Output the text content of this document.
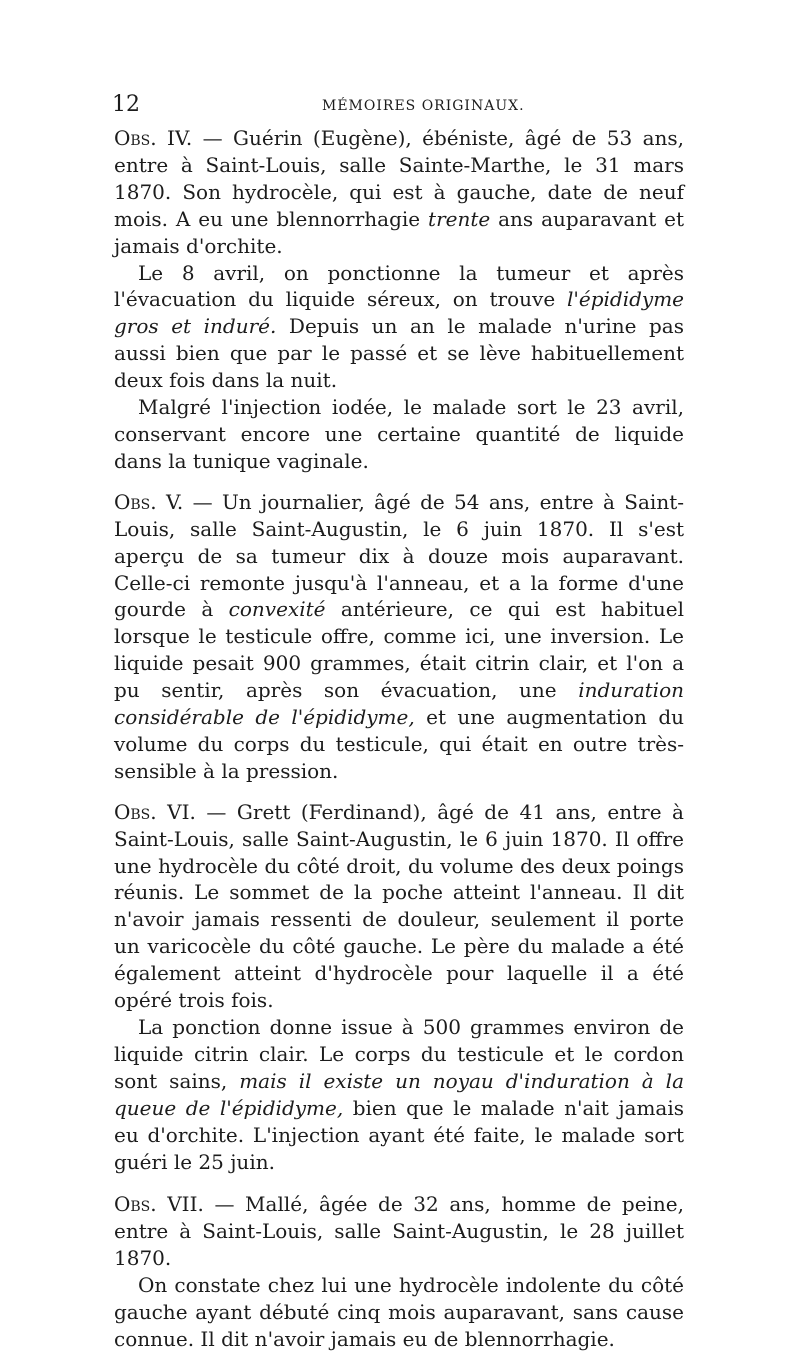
12	MÉMOIRES ORIGINAUX.

Obs. IV. — Guérin (Eugène), ébéniste, âgé de 53 ans, entre à Saint-Louis, salle Sainte-Marthe, le 31 mars 1870. Son hydrocèle, qui est à gauche, date de neuf mois. A eu une blennorrhagie trente ans auparavant et jamais d'orchite.

Le 8 avril, on ponctionne la tumeur et après l'évacuation du liquide séreux, on trouve l'épididyme gros et induré. Depuis un an le malade n'urine pas aussi bien que par le passé et se lève habituellement deux fois dans la nuit.

Malgré l'injection iodée, le malade sort le 23 avril, conservant encore une certaine quantité de liquide dans la tunique vaginale.

Obs. V. — Un journalier, âgé de 54 ans, entre à Saint-Louis, salle Saint-Augustin, le 6 juin 1870. Il s'est aperçu de sa tumeur dix à douze mois auparavant. Celle-ci remonte jusqu'à l'anneau, et a la forme d'une gourde à convexité antérieure, ce qui est habituel lorsque le testicule offre, comme ici, une inversion. Le liquide pesait 900 grammes, était citrin clair, et l'on a pu sentir, après son évacuation, une induration considérable de l'épididyme, et une augmentation du volume du corps du testicule, qui était en outre très-sensible à la pression.

Obs. VI. — Grett (Ferdinand), âgé de 41 ans, entre à Saint-Louis, salle Saint-Augustin, le 6 juin 1870. Il offre une hydrocèle du côté droit, du volume des deux poings réunis. Le sommet de la poche atteint l'anneau. Il dit n'avoir jamais ressenti de douleur, seulement il porte un varicocèle du côté gauche. Le père du malade a été également atteint d'hydrocèle pour laquelle il a été opéré trois fois.

La ponction donne issue à 500 grammes environ de liquide citrin clair. Le corps du testicule et le cordon sont sains, mais il existe un noyau d'induration à la queue de l'épididyme, bien que le malade n'ait jamais eu d'orchite. L'injection ayant été faite, le malade sort guéri le 25 juin.

Obs. VII. — Mallé, âgée de 32 ans, homme de peine, entre à Saint-Louis, salle Saint-Augustin, le 28 juillet 1870.

On constate chez lui une hydrocèle indolente du côté gauche ayant débuté cinq mois auparavant, sans cause connue. Il dit n'avoir jamais eu de blennorrhagie.
